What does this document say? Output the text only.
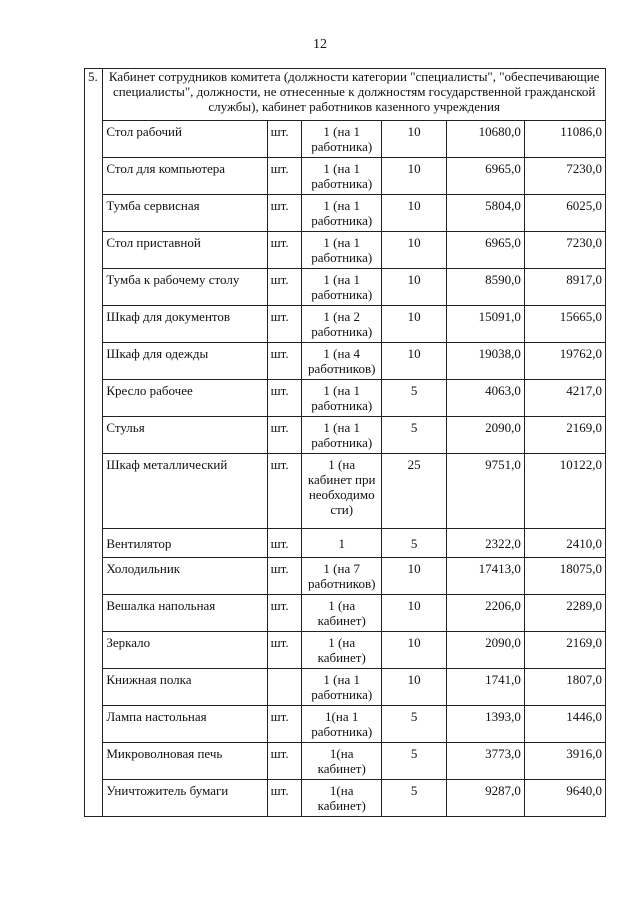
12
5.	Кабинет сотрудников комитета (должности категории "специалисты", "обеспечивающие специалисты", должности, не отнесенные к должностям государственной гражданской службы), кабинет работников казенного учреждения					
	Стол рабочий	шт.	1 (на 1 работника)	10	10680,0	11086,0
	Стол для компьютера	шт.	1 (на 1 работника)	10	6965,0	7230,0
	Тумба сервисная	шт.	1 (на 1 работника)	10	5804,0	6025,0
	Стол приставной	шт.	1 (на 1 работника)	10	6965,0	7230,0
	Тумба к рабочему столу	шт.	1 (на 1 работника)	10	8590,0	8917,0
	Шкаф для документов	шт.	1 (на 2 работника)	10	15091,0	15665,0
	Шкаф для одежды	шт.	1 (на 4 работников)	10	19038,0	19762,0
	Кресло рабочее	шт.	1 (на 1 работника)	5	4063,0	4217,0
	Стулья	шт.	1 (на 1 работника)	5	2090,0	2169,0
	Шкаф металлический	шт.	1 (на кабинет при необходимо сти)	25	9751,0	10122,0
	Вентилятор	шт.	1	5	2322,0	2410,0
	Холодильник	шт.	1 (на 7 работников)	10	17413,0	18075,0
	Вешалка напольная	шт.	1 (на кабинет)	10	2206,0	2289,0
	Зеркало	шт.	1 (на кабинет)	10	2090,0	2169,0
	Книжная полка		1 (на 1 работника)	10	1741,0	1807,0
	Лампа настольная	шт.	1(на 1 работника)	5	1393,0	1446,0
	Микроволновая печь	шт.	1(на кабинет)	5	3773,0	3916,0
	Уничтожитель бумаги	шт.	1(на кабинет)	5	9287,0	9640,0
